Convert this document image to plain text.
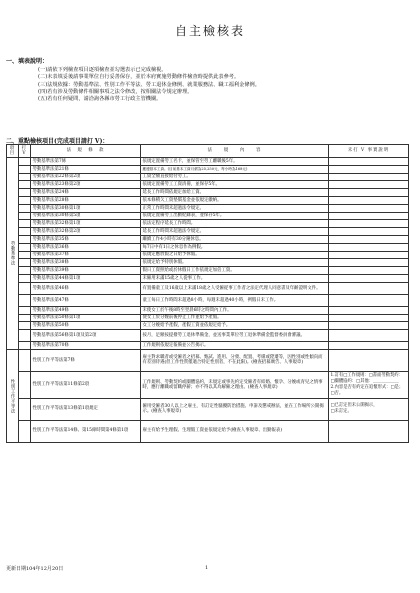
自主檢核表
一、填表說明：
(一)請依下列檢查項目逐項檢查並勾選表示已完成檢視。
(二)未表填妥後請事業單位自行妥善保存，並於本府實施勞動條件檢查時提供此表參考。
(三)法規依據：勞動基準法、性別工作平等法、勞工退休金條例、就業服務法、職工福利金條例。
(四)若有涉及勞動條件相關事項之法令修改，按相關法令規定辦理。
(五)若有任何疑問，請洽詢各縣市勞工行政主管機關。
二、重點檢核項目(完成項目請打 V)：
項目	打 V	法　規　條　款	法　　規　　內　　容	未打 V 事實說明
勞動基準法		勞動基準法第7條	依規定置備勞工名卡，並保管至勞工離職後5年。	
		勞動基準法第21條	應遵基本工資。(目前基本工資月薪為25,250元，每小時為168元)	
		勞動基準法第22條第2項	工資全額直接給付勞工。	
		勞動基準法第23條第2項	依規定置備勞工工資清冊，並保存5年。	
		勞動基準法第24條	延長工作時間依規定加給工資。	
		勞動基準法第28條	依本條積欠工資墊償基金並依規定繳納。	
		勞動基準法第30條第1項	正常工作時間未超過法令規定。	
		勞動基準法第30條第5項	依規定置備勞工出勤紀錄表，並保存5年。	
		勞動基準法第32條第1項	依法定程序延長工作時間。	
		勞動基準法第32條第2項	延長工作時間未超過法令規定。	
		勞動基準法第35條	繼續工作4小時有30分鐘休息。	
		勞動基準法第36條	每7日中有1日之休息作為例假。	
		勞動基準法第37條	依規定應放假之日給予休假。	
		勞動基準法第38條	依規定給予特別休假。	
		勞動基準法第39條	假日工資照給或於休假日工作依規定加倍工資。	
		勞動基準法第44條第1項	未僱用未滿15歲之人從事工作。	
		勞動基準法第46條	有置備童工及16歲以上未滿18歲之人受僱從事工作者之法定代理人同意書及年齡證明文件。	
		勞動基準法第47條	童工每日工作時間未超過8小時，每週未超過40小時，例假日未工作。	
		勞動基準法第49條	未使女工於午後8時至翌晨6時之時間內工作。	
		勞動基準法第50條第1項	使女工於分娩前後停止工作並給予產假。	
		勞動基準法第50條	女工分娩給予產假，產假工資並依規定給予。	
		勞動基準法第56條第1項及第2項	按月，足額按提撥勞工退休準備金，並送事業單位勞工退休準備金監督委員會審議。	
		勞動基準法第70條	工作規則依規定報備並公告揭示。	
性別工作平等法		性別工作平等法第7條	雇主對求職者或受僱者之招募、甄試、進用、分發、配置、考績或陞遷等，因性別或性傾向而有差別待遇(但工作性質僅適合特定性別者，不在此限)。(檢查招募廣告、人事規章)	
		性別工作平等法第11條第2項	工作規則、勞動契約或團體協約，未規定或事先約定受僱者有結婚、懷孕、分娩或育兒之情事時，應行離職或留職停薪；亦不得以其為解僱之理由。(檢查人事規章)	1.訂有□工作規則：□書面勞動契約：□團體協約：□其他：＿＿＿＿＿＿
2.內容是否有約定在追懷形式：□是；□否。

		性別工作平等法第13條第1項規定	僱用受僱者30人以上之雇主，有訂定性騷擾防治措施、申訴及懲戒辦法，並在工作場所公開揭示。(檢查人事規章)	□已訂定但未公開揭示，
□未訂定。

		性別工作平等法第14條、第15條時間第4條第1項	雇主有給予生理假、生理假工資並依規定給予(檢查人事規章、出勤報表)	
更新日期104年12月20日	1
